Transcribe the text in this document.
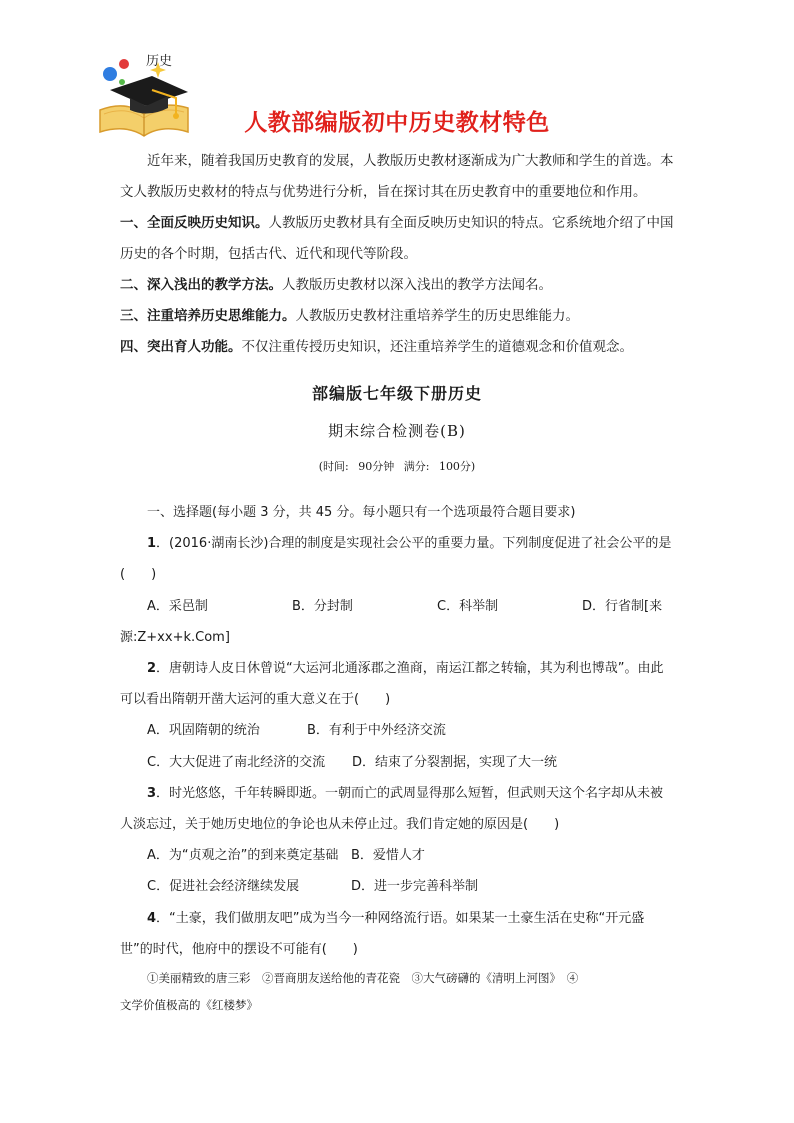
历史
人教部编版初中历史教材特色

近年来，随着我国历史教育的发展，人教版历史教材逐渐成为广大教师和学生的首选。本文人教版历史救材的特点与优势进行分析，旨在探讨其在历史教育中的重要地位和作用。

一、全面反映历史知识。人教版历史教材具有全面反映历史知识的特点。它系统地介绍了中国历史的各个时期，包括古代、近代和现代等阶段。

二、深入浅出的教学方法。人教版历史教材以深入浅出的教学方法闻名。

三、注重培养历史思维能力。人教版历史教材注重培养学生的历史思维能力。

四、突出育人功能。不仅注重传授历史知识，还注重培养学生的道德观念和价值观念。

部编版七年级下册历史
期末综合检测卷(B)
(时间: 90分钟 满分: 100分)

一、选择题(每小题 3 分，共 45 分。每小题只有一个选项最符合题目要求)

1．(2016·湖南长沙)合理的制度是实现社会公平的重要力量。下列制度促进了社会公平的是(　　)

A．采邑制	B．分封制	C．科举制	D．行省制[来

源:Z+xx+k.Com]

2．唐朝诗人皮日休曾说“大运河北通涿郡之渔商，南运江都之转输，其为利也博哉”。由此可以看出隋朝开凿大运河的重大意义在于(　　)

A．巩固隋朝的统治	B．有利于中外经济交流
C．大大促进了南北经济的交流	D．结束了分裂割据，实现了大一统

3．时光悠悠，千年转瞬即逝。一朝而亡的武周显得那么短暂，但武则天这个名字却从未被人淡忘过，关于她历史地位的争论也从未停止过。我们肯定她的原因是(　　)

A．为“贞观之治”的到来奠定基础 B．爱惜人才
C．促进社会经济继续发展	D．进一步完善科举制

4．“土豪，我们做朋友吧”成为当今一种网络流行语。如果某一土豪生活在史称“开元盛世”的时代，他府中的摆设不可能有(　　)

①美丽精致的唐三彩　②晋商朋友送给他的青花瓷　③大气磅礴的《清明上河图》　④

文学价值极高的《红楼梦》
